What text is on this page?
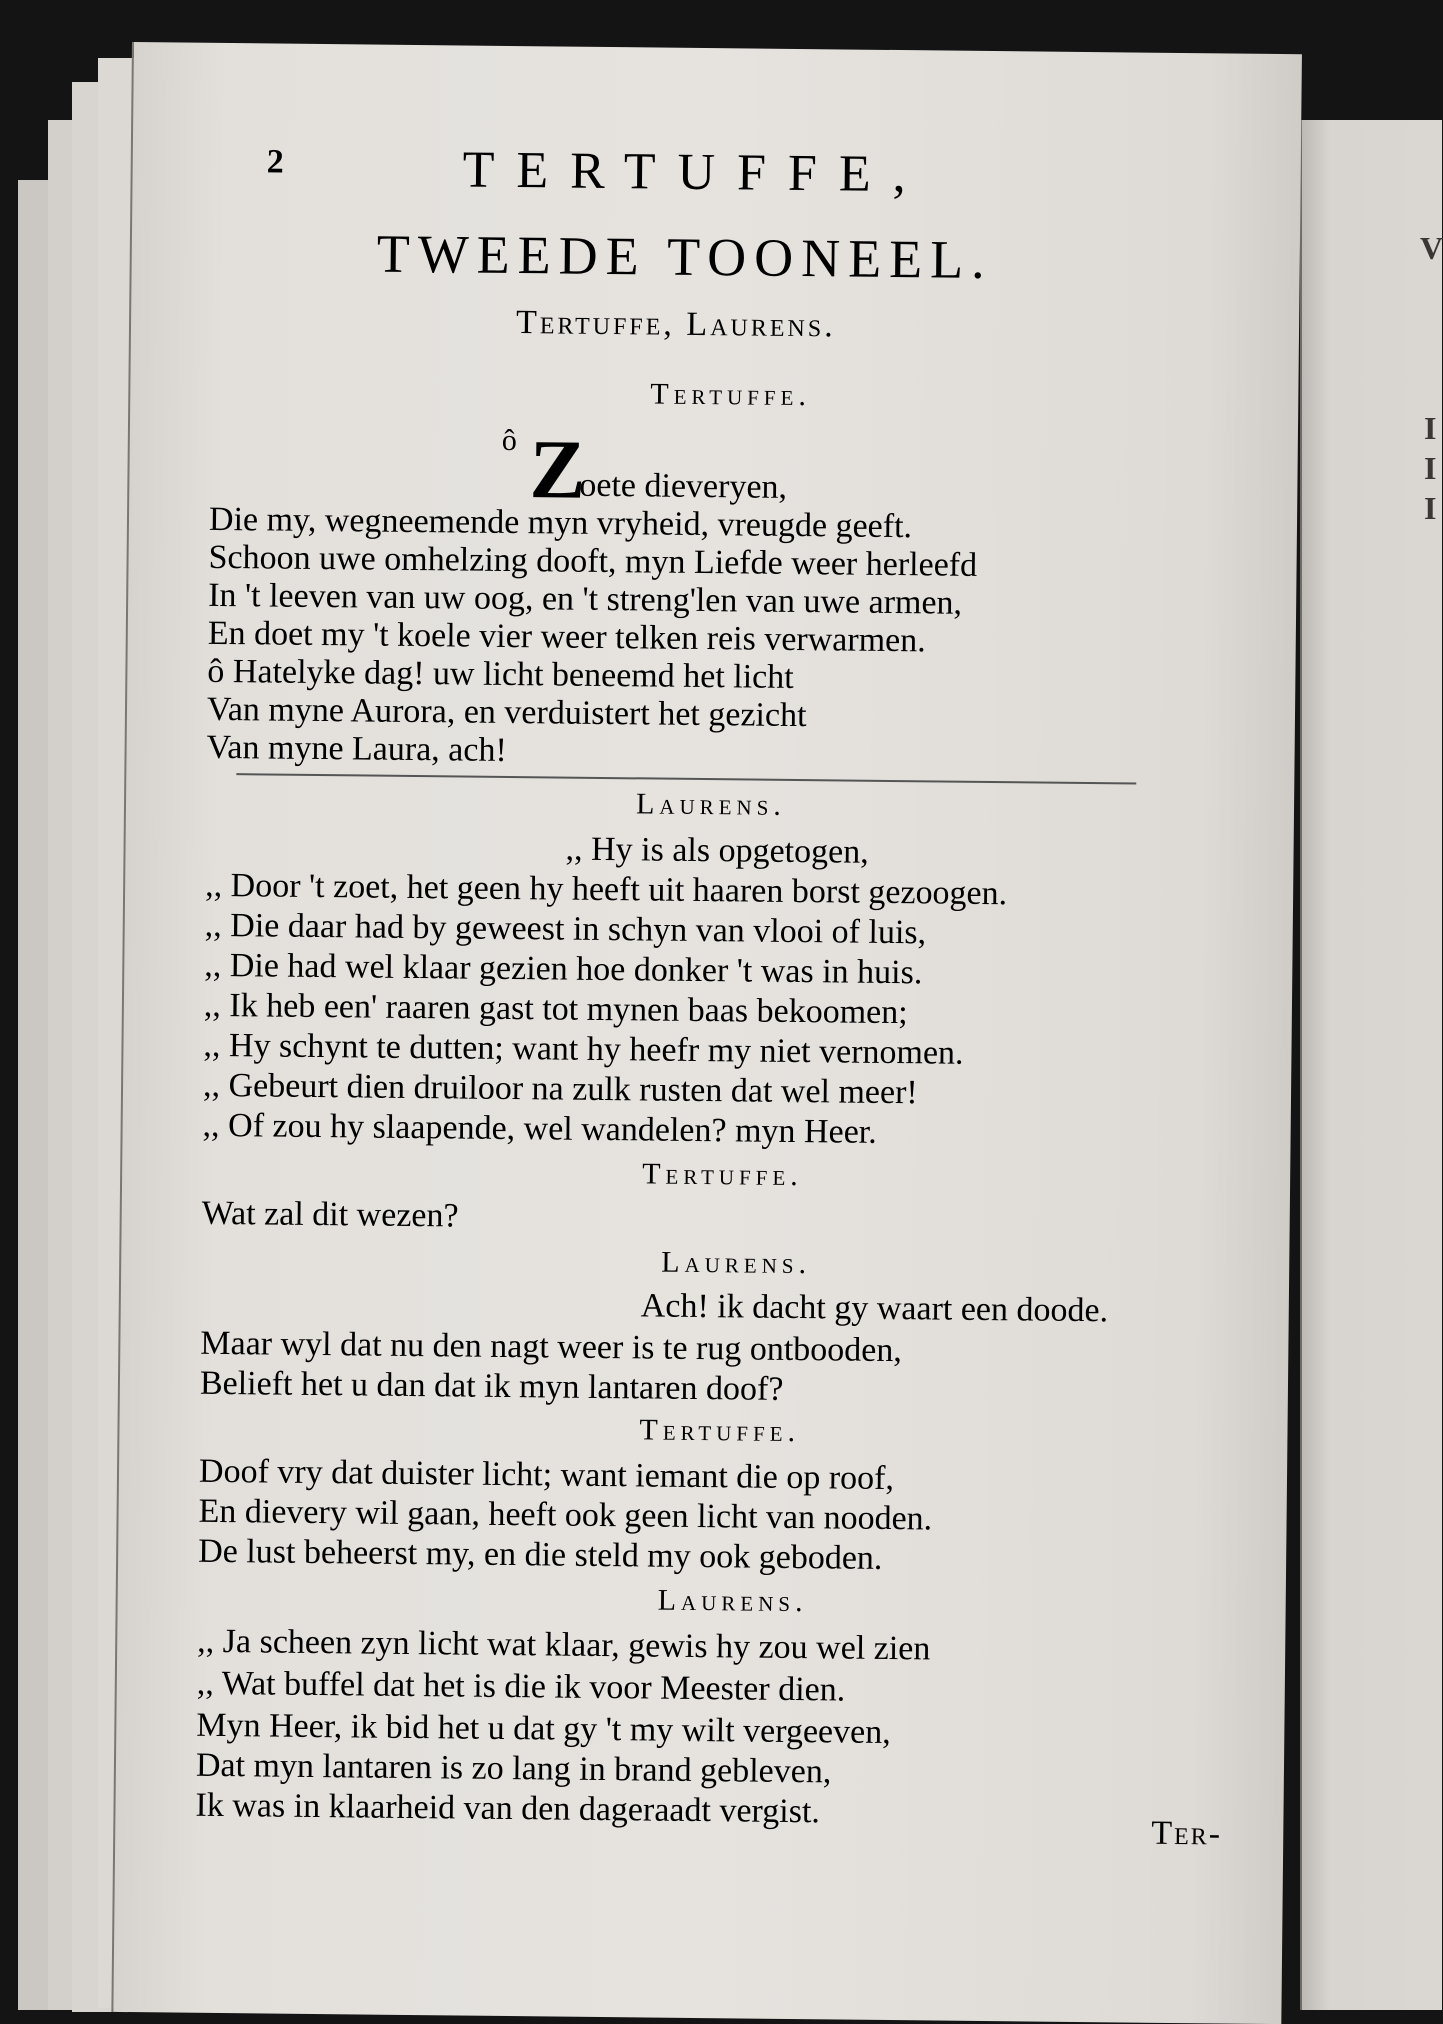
V
I
I
I
2	TERTUFFE,
TWEEDE TOONEEL.
Tertuffe, Laurens.
Tertuffe.
ô Z
oete dieveryen,
Die my, wegneemende myn vryheid, vreugde geeft.
Schoon uwe omhelzing dooft, myn Liefde weer herleefd
In 't leeven van uw oog, en 't streng'len van uwe armen,
En doet my 't koele vier weer telken reis verwarmen.
ô Hatelyke dag! uw licht beneemd het licht
Van myne Aurora, en verduistert het gezicht
Van myne Laura, ach!
Laurens.
,, Hy is als opgetogen,
,, Door 't zoet, het geen hy heeft uit haaren borst gezoogen.
,, Die daar had by geweest in schyn van vlooi of luis,
,, Die had wel klaar gezien hoe donker 't was in huis.
,, Ik heb een' raaren gast tot mynen baas bekoomen;
,, Hy schynt te dutten; want hy heefr my niet vernomen.
,, Gebeurt dien druiloor na zulk rusten dat wel meer!
,, Of zou hy slaapende, wel wandelen? myn Heer.
Tertuffe.
Wat zal dit wezen?
Laurens.
Ach! ik dacht gy waart een doode.
Maar wyl dat nu den nagt weer is te rug ontbooden,
Belieft het u dan dat ik myn lantaren doof?
Tertuffe.
Doof vry dat duister licht; want iemant die op roof,
En dievery wil gaan, heeft ook geen licht van nooden.
De lust beheerst my, en die steld my ook geboden.
Laurens.
,, Ja scheen zyn licht wat klaar, gewis hy zou wel zien
,, Wat buffel dat het is die ik voor Meester dien.
Myn Heer, ik bid het u dat gy 't my wilt vergeeven,
Dat myn lantaren is zo lang in brand gebleven,
Ik was in klaarheid van den dageraadt vergist.
Ter-
